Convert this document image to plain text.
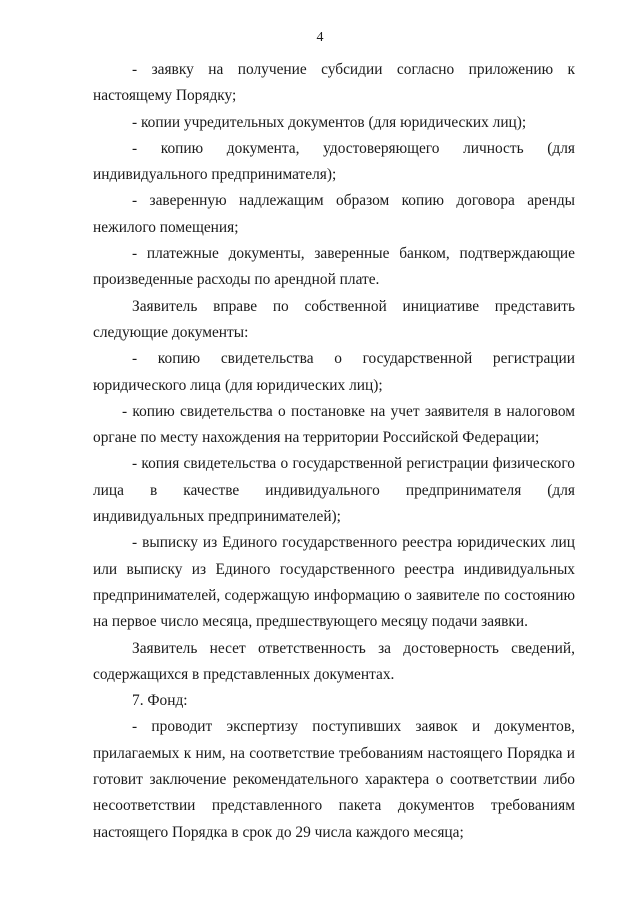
4

- заявку на получение субсидии согласно приложению к настоящему Порядку;

- копии учредительных документов (для юридических лиц);

- копию документа, удостоверяющего личность (для индивидуального предпринимателя);

- заверенную надлежащим образом копию договора аренды нежилого помещения;

- платежные документы, заверенные банком, подтверждающие произведенные расходы по арендной плате.

Заявитель вправе по собственной инициативе представить следующие документы:

- копию свидетельства о государственной регистрации юридического лица (для юридических лиц);

- копию свидетельства о постановке на учет заявителя в налоговом органе по месту нахождения на территории Российской Федерации;

- копия свидетельства о государственной регистрации физического лица в качестве индивидуального предпринимателя (для индивидуальных предпринимателей);

- выписку из Единого государственного реестра юридических лиц или выписку из Единого государственного реестра индивидуальных предпринимателей, содержащую информацию о заявителе по состоянию на первое число месяца, предшествующего месяцу подачи заявки.

Заявитель несет ответственность за достоверность сведений, содержащихся в представленных документах.

7. Фонд:

- проводит экспертизу поступивших заявок и документов, прилагаемых к ним, на соответствие требованиям настоящего Порядка и готовит заключение рекомендательного характера о соответствии либо несоответствии представленного пакета документов требованиям настоящего Порядка в срок до 29 числа каждого месяца;
